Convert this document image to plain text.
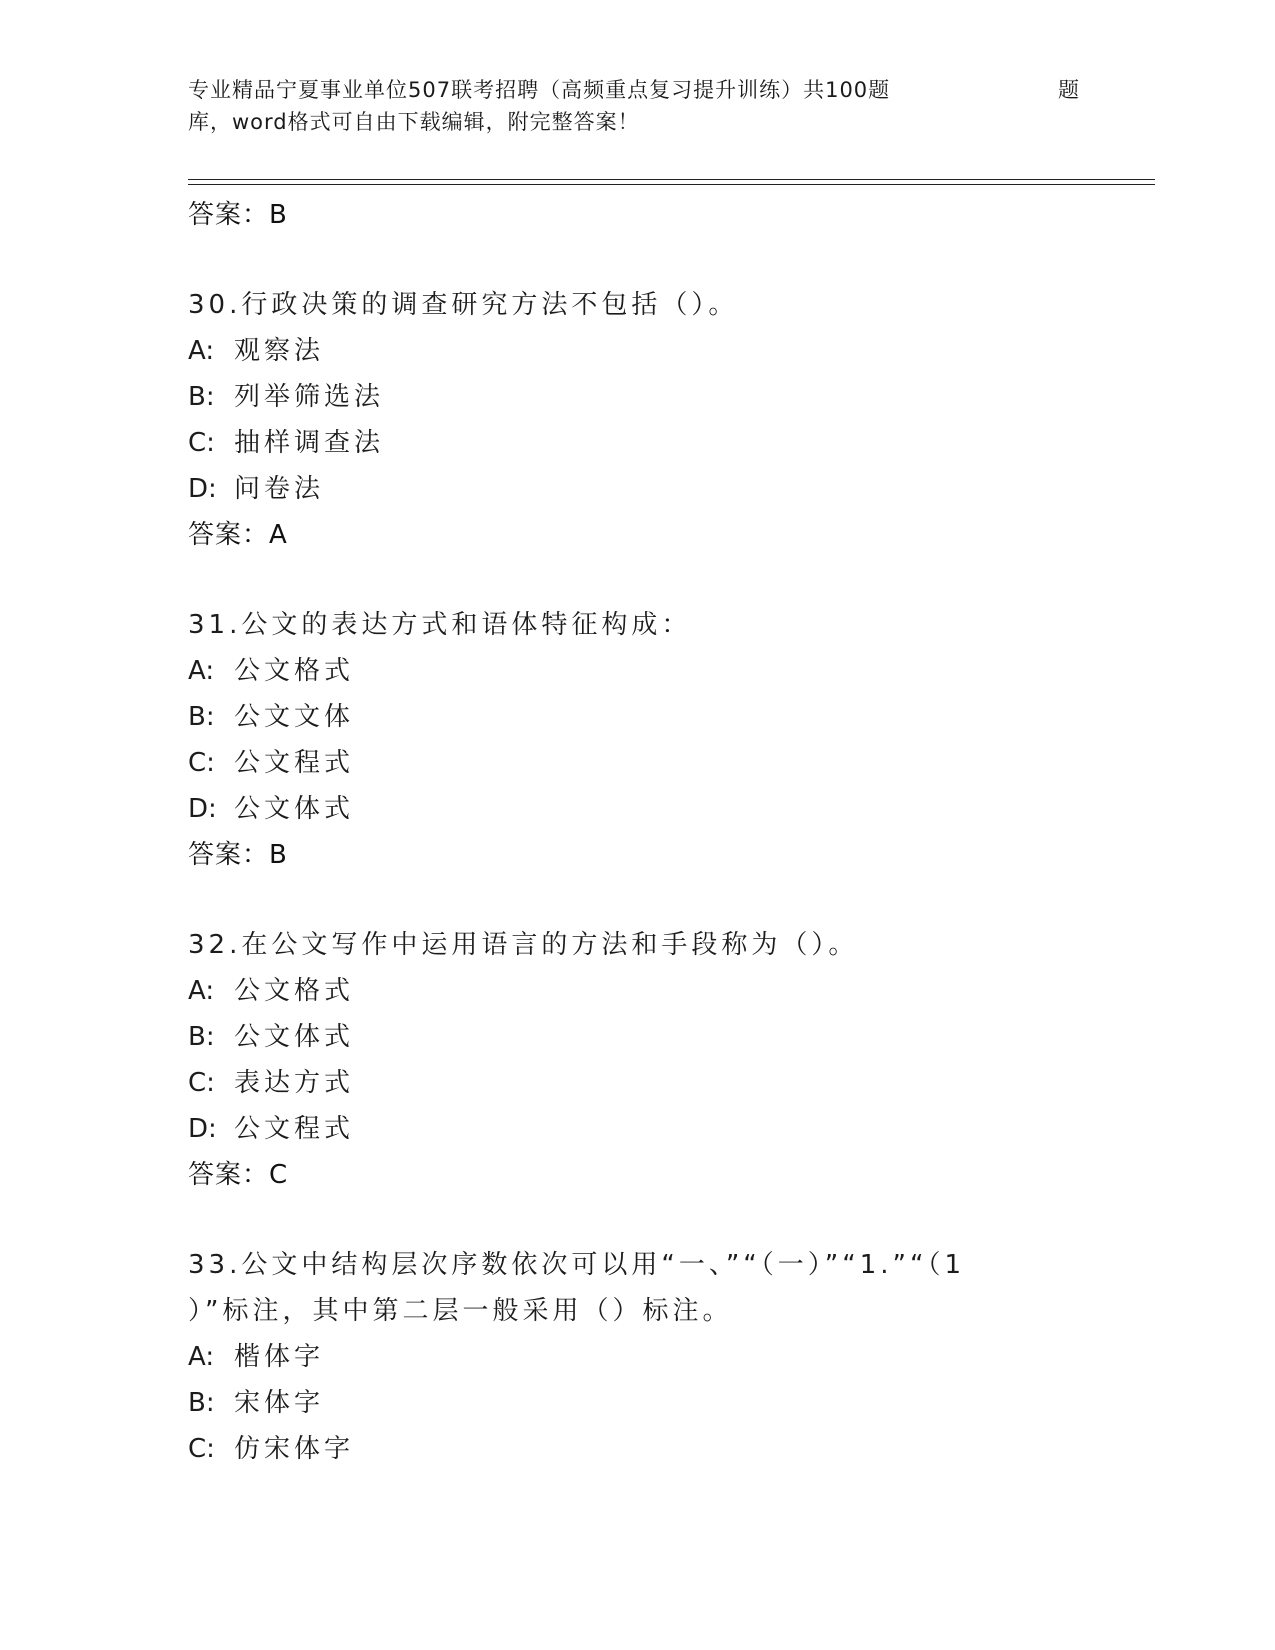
专业精品宁夏事业单位507联考招聘（高频重点复习提升训练）共100题	题
库，word格式可自由下载编辑，附完整答案！
答案：B
30.行政决策的调查研究方法不包括（）。
A: 观察法
B: 列举筛选法
C: 抽样调查法
D: 问卷法
答案：A
31.公文的表达方式和语体特征构成：
A: 公文格式
B: 公文文体
C: 公文程式
D: 公文体式
答案：B
32.在公文写作中运用语言的方法和手段称为（）。
A: 公文格式
B: 公文体式
C: 表达方式
D: 公文程式
答案：C
33.公文中结构层次序数依次可以用“一、”“（一）”“1.”“（1
）”标注，其中第二层一般采用（）标注。
A: 楷体字
B: 宋体字
C: 仿宋体字
